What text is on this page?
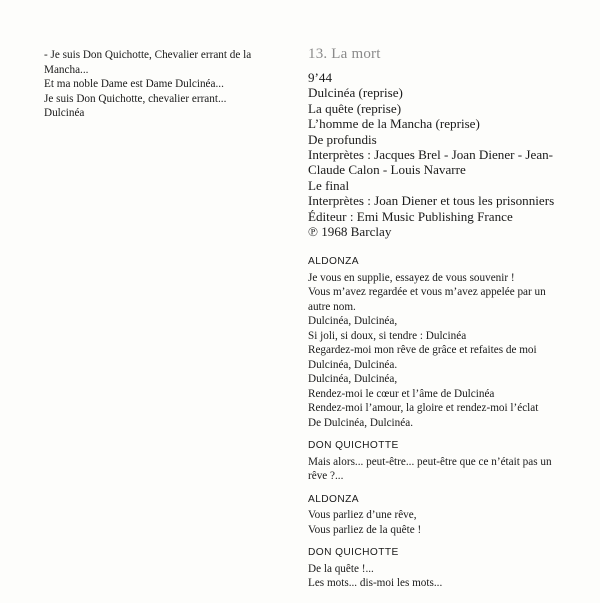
- Je suis Don Quichotte, Chevalier errant de la
Mancha...
Et ma noble Dame est Dame Dulcinéa...
Je suis Don Quichotte, chevalier errant...
Dulcinéa
13. La mort
9’44
Dulcinéa (reprise)
La quête (reprise)
L’homme de la Mancha (reprise)
De profundis
Interprètes : Jacques Brel - Joan Diener - Jean-
Claude Calon - Louis Navarre
Le final
Interprètes : Joan Diener et tous les prisonniers
Éditeur : Emi Music Publishing France
℗ 1968 Barclay
ALDONZA
Je vous en supplie, essayez de vous souvenir !
Vous m’avez regardée et vous m’avez appelée par un
autre nom.
Dulcinéa, Dulcinéa,
Si joli, si doux, si tendre : Dulcinéa
Regardez-moi mon rêve de grâce et refaites de moi
Dulcinéa, Dulcinéa.
Dulcinéa, Dulcinéa,
Rendez-moi le cœur et l’âme de Dulcinéa
Rendez-moi l’amour, la gloire et rendez-moi l’éclat
De Dulcinéa, Dulcinéa.
DON QUICHOTTE
Mais alors... peut-être... peut-être que ce n’était pas un
rêve ?...
ALDONZA
Vous parliez d’une rêve,
Vous parliez de la quête !
DON QUICHOTTE
De la quête !...
Les mots... dis-moi les mots...
